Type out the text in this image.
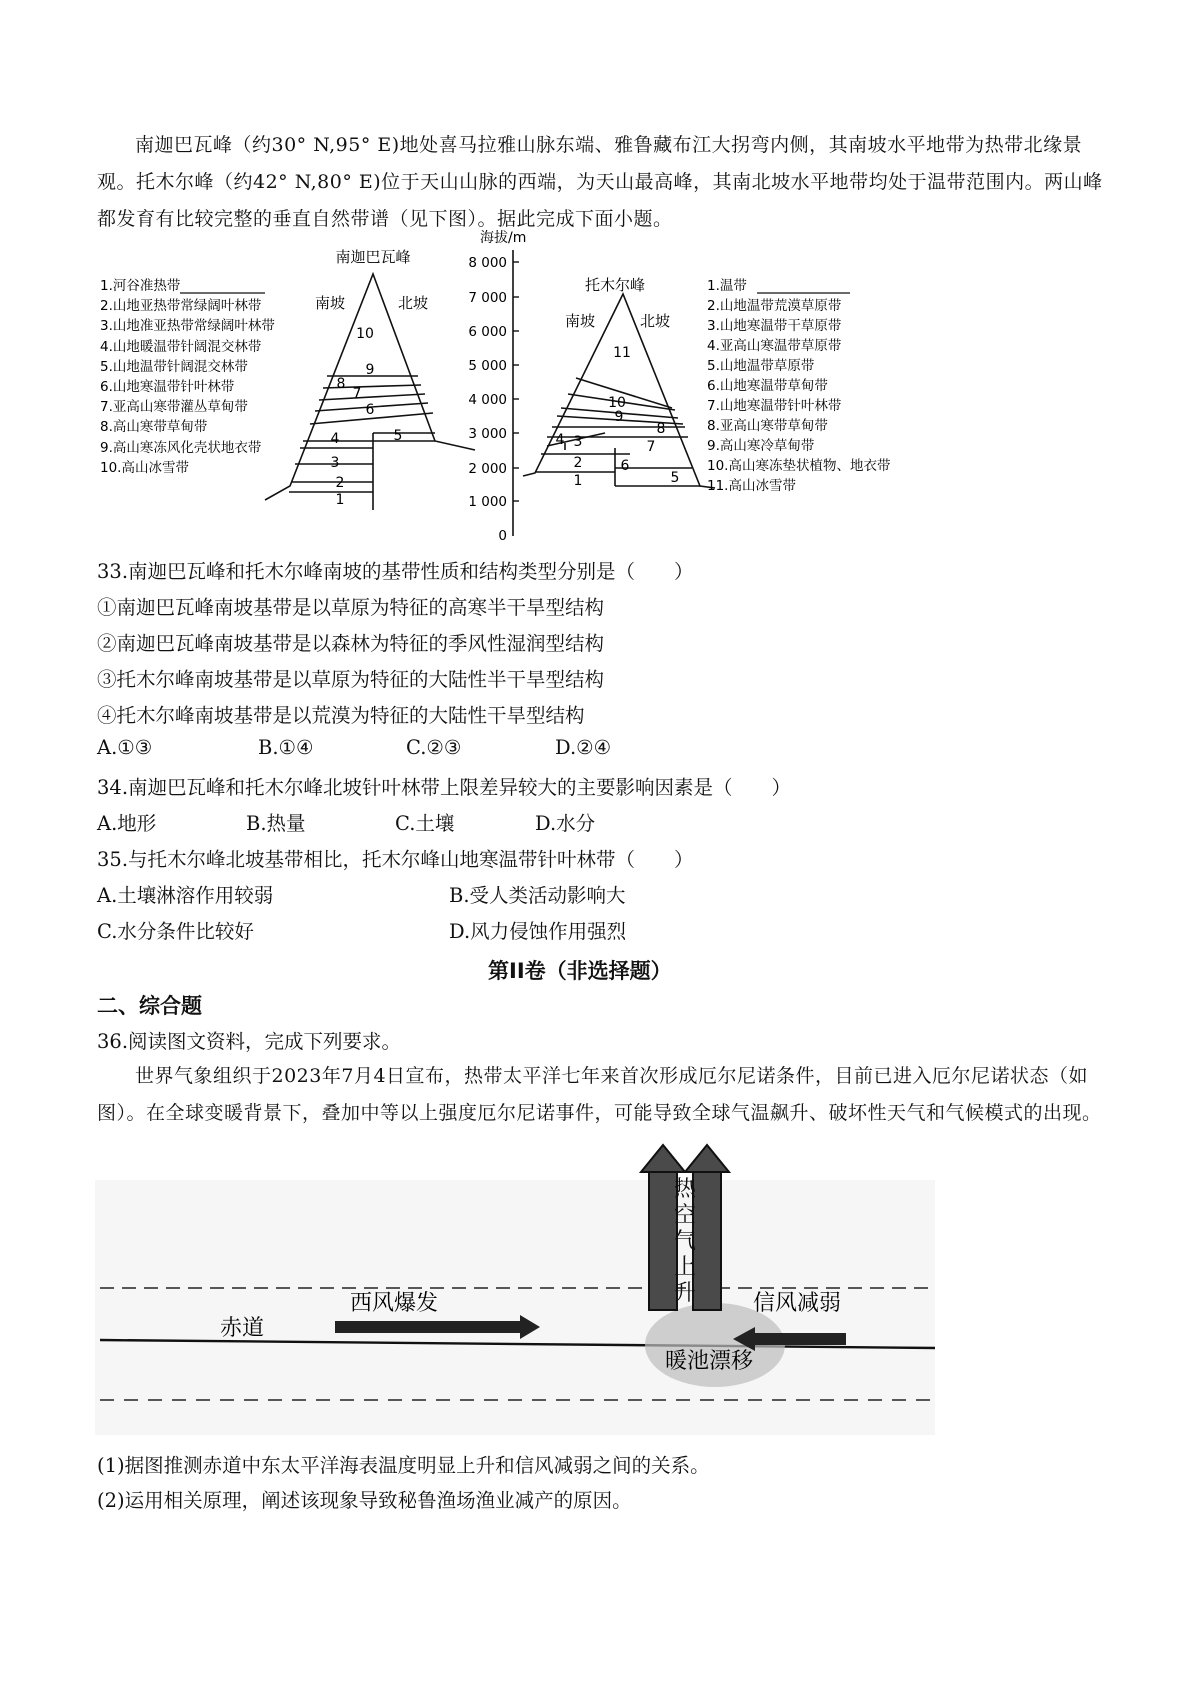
南迦巴瓦峰（约30° N,95° E)地处喜马拉雅山脉东端、雅鲁藏布江大拐弯内侧，其南坡水平地带为热带北缘景观。托木尔峰（约42° N,80° E)位于天山山脉的西端，为天山最高峰，其南北坡水平地带均处于温带范围内。两山峰都发育有比较完整的垂直自然带谱（见下图）。据此完成下面小题。
南迦巴瓦峰
南坡	北坡
1
2
3
4	5
6
7
8
9
10
1.河谷准热带
2.山地亚热带常绿阔叶林带
3.山地准亚热带常绿阔叶林带
4.山地暖温带针阔混交林带
5.山地温带针阔混交林带
6.山地寒温带针叶林带
7.亚高山寒带灌丛草甸带
8.高山寒带草甸带
9.高山寒冻风化壳状地衣带
10.高山冰雪带
海拔/m
8 000
7 000
6 000
5 000
4 000
3 000
2 000
1 000
0
托木尔峰
南坡	北坡
1
2
3
4
5
6
7
8
9
10
11
1.温带
2.山地温带荒漠草原带
3.山地寒温带干草原带
4.亚高山寒温带草原带
5.山地温带草原带
6.山地寒温带草甸带
7.山地寒温带针叶林带
8.亚高山寒带草甸带
9.高山寒冷草甸带
10.高山寒冻垫状植物、地衣带
11.高山冰雪带
33.南迦巴瓦峰和托木尔峰南坡的基带性质和结构类型分别是（　　）
①南迦巴瓦峰南坡基带是以草原为特征的高寒半干旱型结构
②南迦巴瓦峰南坡基带是以森林为特征的季风性湿润型结构
③托木尔峰南坡基带是以草原为特征的大陆性半干旱型结构
④托木尔峰南坡基带是以荒漠为特征的大陆性干旱型结构
A.①③	B.①④	C.②③	D.②④
34.南迦巴瓦峰和托木尔峰北坡针叶林带上限差异较大的主要影响因素是（　　）
A.地形	B.热量	C.土壤	D.水分
35.与托木尔峰北坡基带相比，托木尔峰山地寒温带针叶林带（　　）
A.土壤淋溶作用较弱	B.受人类活动影响大
C.水分条件比较好	D.风力侵蚀作用强烈
第II卷（非选择题）
二、综合题
36.阅读图文资料，完成下列要求。
世界气象组织于2023年7月4日宣布，热带太平洋七年来首次形成厄尔尼诺条件，目前已进入厄尔尼诺状态（如图）。在全球变暖背景下，叠加中等以上强度厄尔尼诺事件，可能导致全球气温飙升、破坏性天气和气候模式的出现。
热
空
气
上
升
西风爆发
赤道
暖池漂移
信风减弱
(1)据图推测赤道中东太平洋海表温度明显上升和信风减弱之间的关系。
(2)运用相关原理，阐述该现象导致秘鲁渔场渔业减产的原因。
